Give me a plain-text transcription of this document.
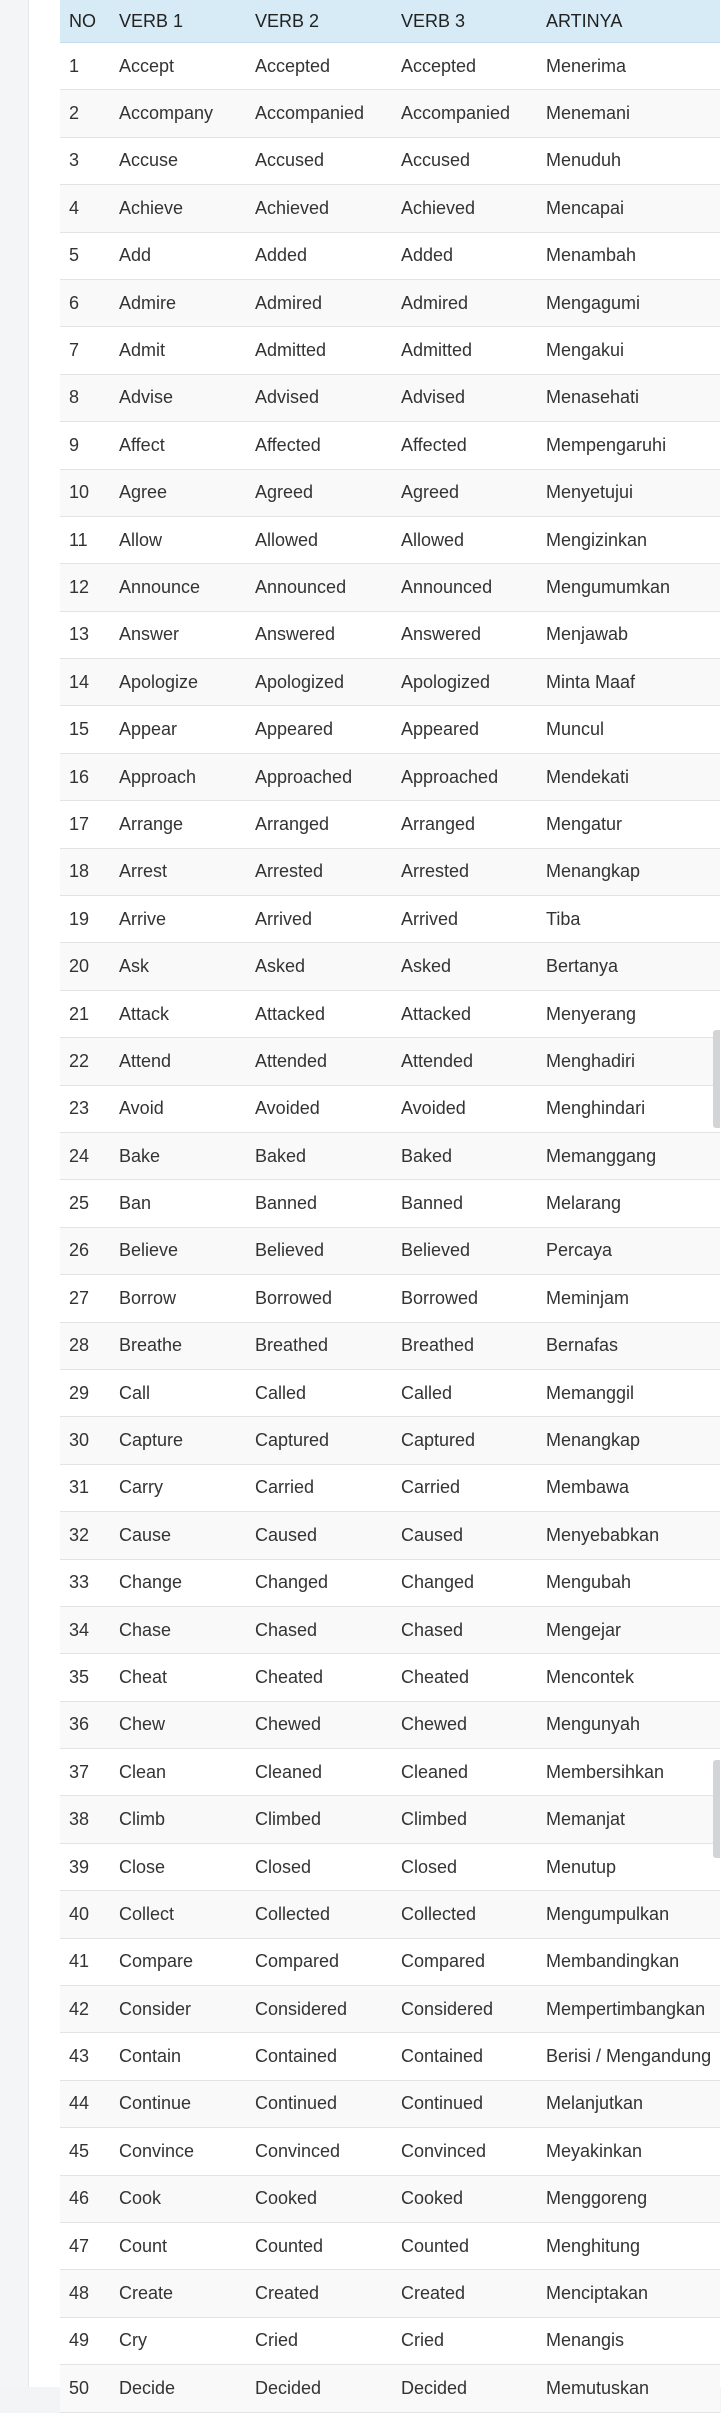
NO	VERB 1	VERB 2	VERB 3	ARTINYA
1	Accept	Accepted	Accepted	Menerima
2	Accompany	Accompanied	Accompanied	Menemani
3	Accuse	Accused	Accused	Menuduh
4	Achieve	Achieved	Achieved	Mencapai
5	Add	Added	Added	Menambah
6	Admire	Admired	Admired	Mengagumi
7	Admit	Admitted	Admitted	Mengakui
8	Advise	Advised	Advised	Menasehati
9	Affect	Affected	Affected	Mempengaruhi
10	Agree	Agreed	Agreed	Menyetujui
11	Allow	Allowed	Allowed	Mengizinkan
12	Announce	Announced	Announced	Mengumumkan
13	Answer	Answered	Answered	Menjawab
14	Apologize	Apologized	Apologized	Minta Maaf
15	Appear	Appeared	Appeared	Muncul
16	Approach	Approached	Approached	Mendekati
17	Arrange	Arranged	Arranged	Mengatur
18	Arrest	Arrested	Arrested	Menangkap
19	Arrive	Arrived	Arrived	Tiba
20	Ask	Asked	Asked	Bertanya
21	Attack	Attacked	Attacked	Menyerang
22	Attend	Attended	Attended	Menghadiri
23	Avoid	Avoided	Avoided	Menghindari
24	Bake	Baked	Baked	Memanggang
25	Ban	Banned	Banned	Melarang
26	Believe	Believed	Believed	Percaya
27	Borrow	Borrowed	Borrowed	Meminjam
28	Breathe	Breathed	Breathed	Bernafas
29	Call	Called	Called	Memanggil
30	Capture	Captured	Captured	Menangkap
31	Carry	Carried	Carried	Membawa
32	Cause	Caused	Caused	Menyebabkan
33	Change	Changed	Changed	Mengubah
34	Chase	Chased	Chased	Mengejar
35	Cheat	Cheated	Cheated	Mencontek
36	Chew	Chewed	Chewed	Mengunyah
37	Clean	Cleaned	Cleaned	Membersihkan
38	Climb	Climbed	Climbed	Memanjat
39	Close	Closed	Closed	Menutup
40	Collect	Collected	Collected	Mengumpulkan
41	Compare	Compared	Compared	Membandingkan
42	Consider	Considered	Considered	Mempertimbangkan
43	Contain	Contained	Contained	Berisi / Mengandung
44	Continue	Continued	Continued	Melanjutkan
45	Convince	Convinced	Convinced	Meyakinkan
46	Cook	Cooked	Cooked	Menggoreng
47	Count	Counted	Counted	Menghitung
48	Create	Created	Created	Menciptakan
49	Cry	Cried	Cried	Menangis
50	Decide	Decided	Decided	Memutuskan
